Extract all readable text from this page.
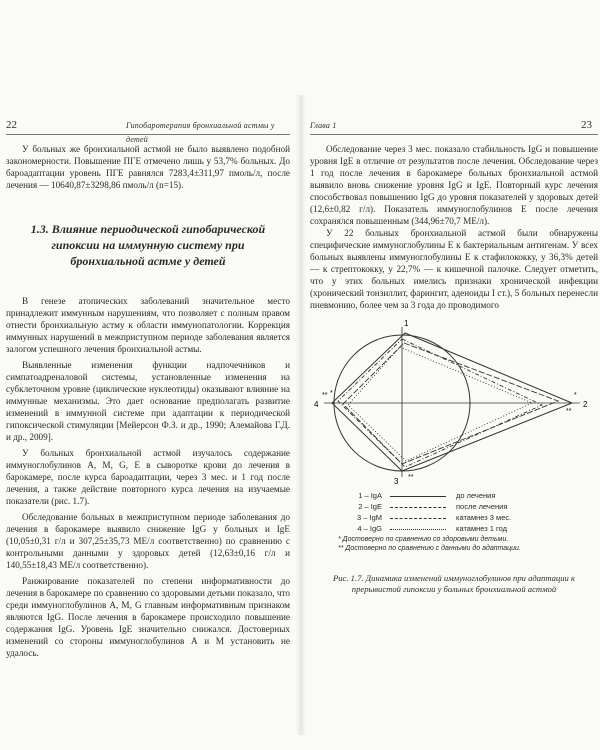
22	Гипобаротерапия бронхиальной астмы у детей

У больных же бронхиальной астмой не было выявлено подобной закономерности. Повышение ПГЕ отмечено лишь у 53,7% больных. До бароадаптации уровень ПГЕ равнялся 7283,4±311,97 пмоль/л, после лечения — 10640,87±3298,86 пмоль/л (n=15).

1.3. Влияние периодической гипобарической гипоксии на иммунную систему при бронхиальной астме у детей

В генезе атопических заболеваний значительное место принадлежит иммунным нарушениям, что позволяет с полным правом отнести бронхиальную астму к области иммунопатологии. Коррекция иммунных нарушений в межприступном периоде заболевания является залогом успешного лечения бронхиальной астмы.

Выявленные изменения функции надпочечников и симпатоадреналовой системы, установленные изменения на субклеточном уровне (циклические нуклеотиды) оказывают влияние на иммунные механизмы. Это дает основание предполагать развитие изменений в иммунной системе при адаптации к периодической гипоксической стимуляции [Мейерсон Ф.З. и др., 1990; Алемайова Г.Д. и др., 2009].

У больных бронхиальной астмой изучалось содержание иммуноглобулинов А, М, G, Е в сыворотке крови до лечения в барокамере, после курса бароадаптации, через 3 мес. и 1 год после лечения, а также действие повторного курса лечения на изучаемые показатели (рис. 1.7).

Обследование больных в межприступном периоде заболевания до лечения в барокамере выявило снижение IgG у больных и IgE (10,05±0,31 г/л и 307,25±35,73 МЕ/л соответственно) по сравнению с контрольными данными у здоровых детей (12,63±0,16 г/л и 140,55±18,43 МЕ/л соответственно).

Ранжирование показателей по степени информативности до лечения в барокамере по сравнению со здоровыми детьми показало, что среди иммуноглобулинов А, М, G главным информативным признаком являются IgG. После лечения в барокамере происходило повышение содержания IgG. Уровень IgE значительно снижался. Достоверных изменений со стороны иммуноглобулинов А и М установить не удалось.

Глава 1	23

Обследование через 3 мес. показало стабильность IgG и повышение уровня IgE в отличие от результатов после лечения. Обследование через 1 год после лечения в барокамере больных бронхиальной астмой выявило вновь снижение уровня IgG и IgE. Повторный курс лечения способствовал повышению IgG до уровня показателей у здоровых детей (12,6±0,82 г/л). Показатель иммуноглобулинов Е после лечения сохранялся повышенным (344,96±70,7 МЕ/л).

У 22 больных бронхиальной астмой были обнаружены специфические иммуноглобулины Е к бактериальным антигенам. У всех больных выявлены иммуноглобулины Е к стафилококку, у 36,3% детей — к стрептококку, у 22,7% — к кишечной палочке. Следует отметить, что у этих больных имелись признаки хронической инфекции (хронический тонзиллит, фарингит, аденоиды I ст.), 5 больных перенесли пневмонию, более чем за 3 года до проводимого

1
2
3
4
*
**	*
**
**
1 – IgA	до лечения
2 – IgE	после лечения
3 – IgM	катамнез 3 мес.
4 – IgG	катамнез 1 год
* Достоверно по сравнению со здоровыми детьми.
** Достоверно по сравнению с данными до адаптации.
Рис. 1.7. Динамика изменений иммуноглобулинов при адаптации к прерывистой гипоксии у больных бронхиальной астмой
